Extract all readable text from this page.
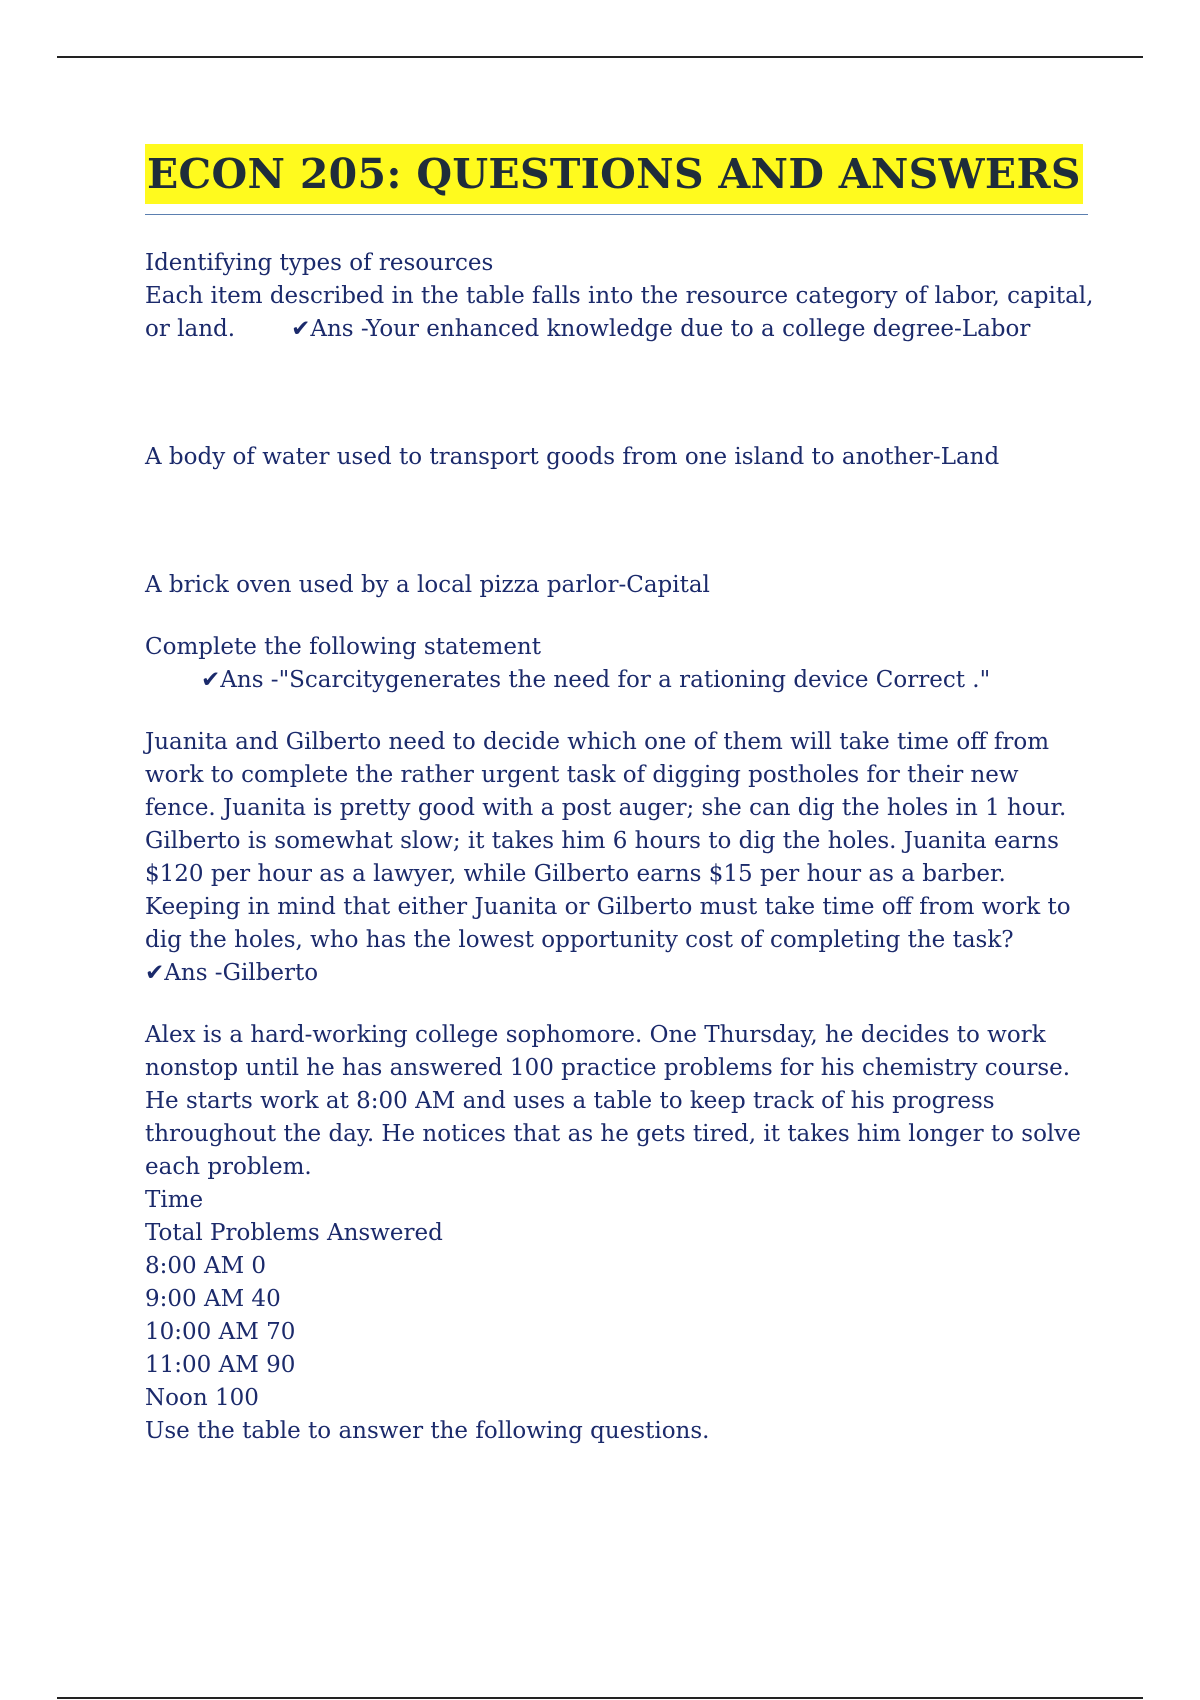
ECON 205: QUESTIONS AND ANSWERS

Identifying types of resources

Each item described in the table falls into the resource category of labor, capital, or land. ✔Ans -Your enhanced knowledge due to a college degree-Labor

A body of water used to transport goods from one island to another-Land

A brick oven used by a local pizza parlor-Capital

Complete the following statement✔Ans -"Scarcitygenerates the need for a rationing device Correct ."

Juanita and Gilberto need to decide which one of them will take time off from work to complete the rather urgent task of digging postholes for their new fence. Juanita is pretty good with a post auger; she can dig the holes in 1 hour. Gilberto is somewhat slow; it takes him 6 hours to dig the holes. Juanita earns $120 per hour as a lawyer, while Gilberto earns $15 per hour as a barber. Keeping in mind that either Juanita or Gilberto must take time off from work to dig the holes, who has the lowest opportunity cost of completing the task?

✔Ans -Gilberto

Alex is a hard-working college sophomore. One Thursday, he decides to work nonstop until he has answered 100 practice problems for his chemistry course. He starts work at 8:00 AM and uses a table to keep track of his progress throughout the day. He notices that as he gets tired, it takes him longer to solve each problem.

Time

Total Problems Answered

8:00 AM 0

9:00 AM 40

10:00 AM 70

11:00 AM 90

Noon 100

Use the table to answer the following questions.
